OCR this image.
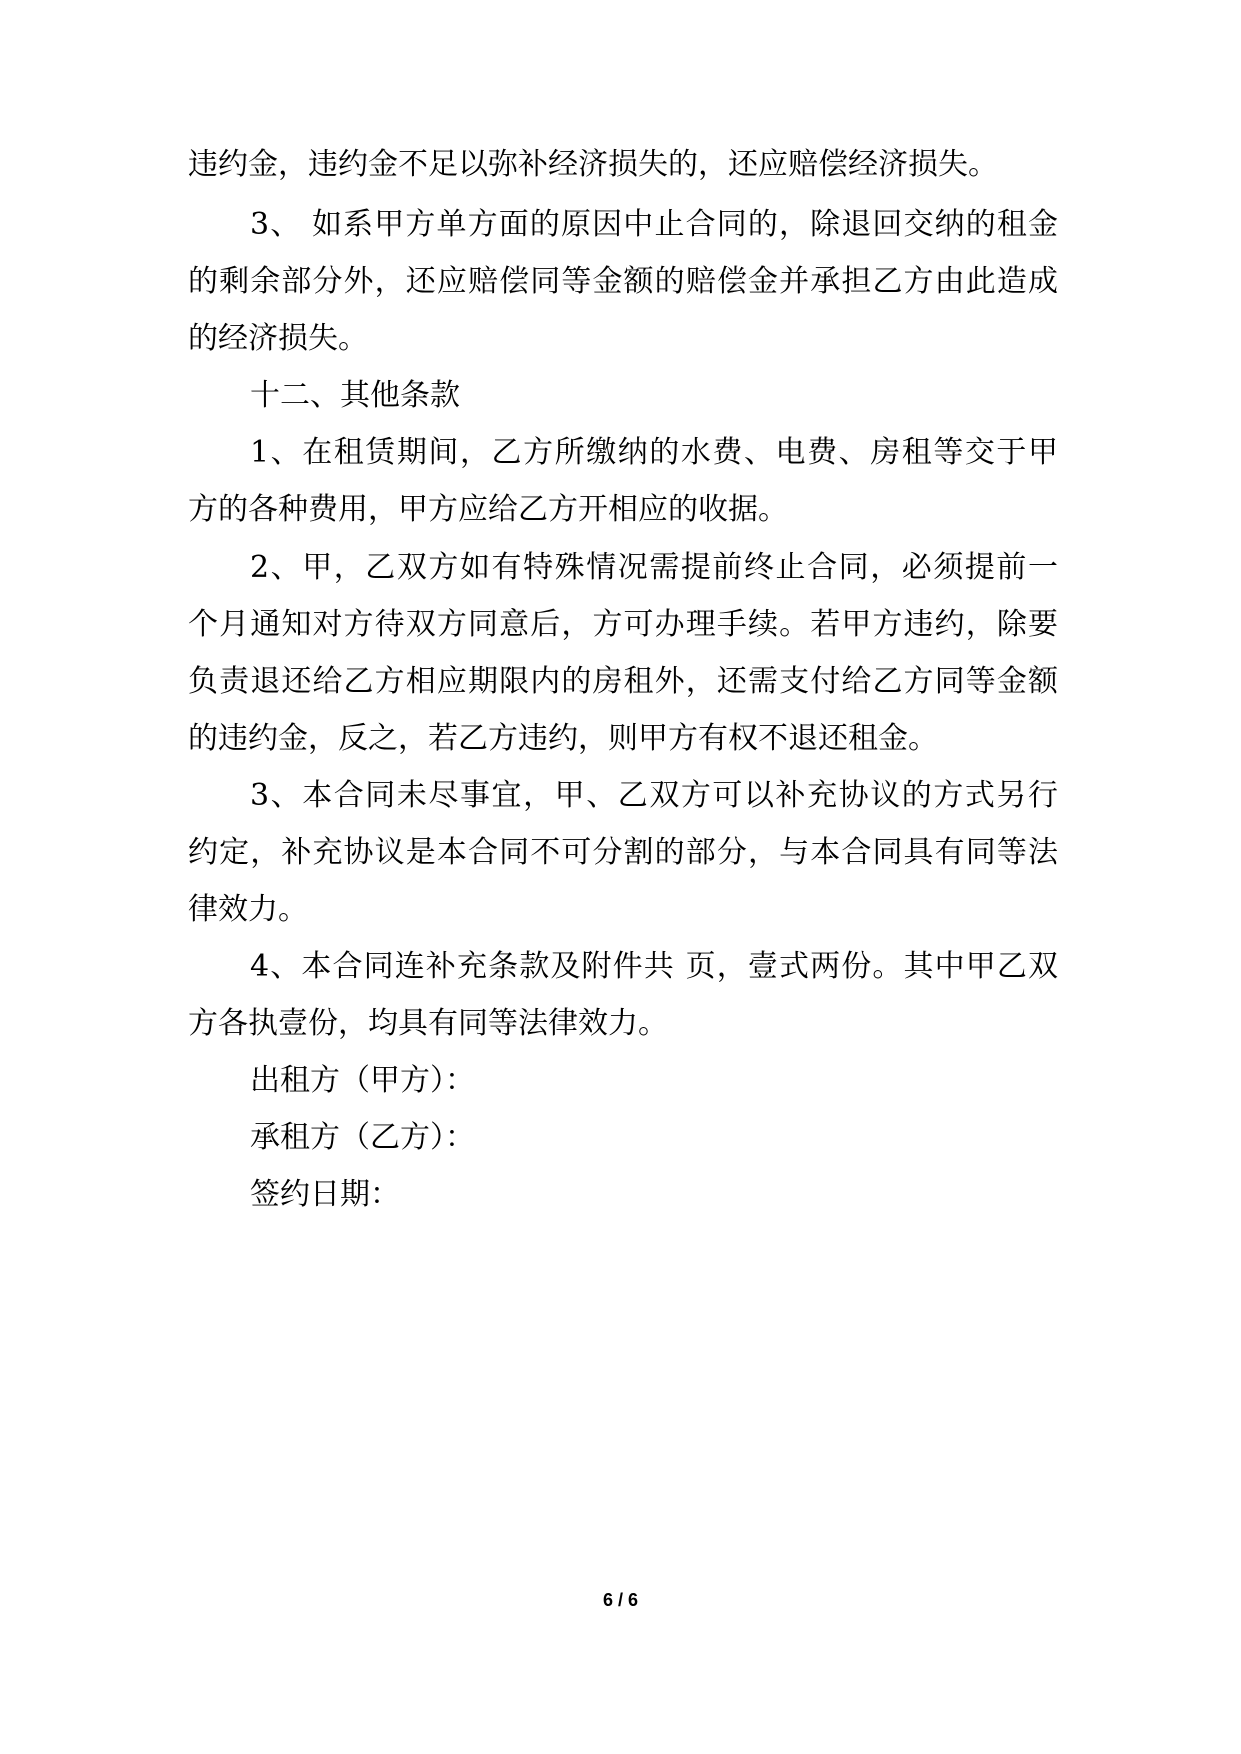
违约金，违约金不足以弥补经济损失的，还应赔偿经济损失。
3、 如系甲方单方面的原因中止合同的，除退回交纳的租金
的剩余部分外，还应赔偿同等金额的赔偿金并承担乙方由此造成
的经济损失。
十二、其他条款
1、在租赁期间，乙方所缴纳的水费、电费、房租等交于甲
方的各种费用，甲方应给乙方开相应的收据。
2、甲，乙双方如有特殊情况需提前终止合同，必须提前一
个月通知对方待双方同意后，方可办理手续。若甲方违约，除要
负责退还给乙方相应期限内的房租外，还需支付给乙方同等金额
的违约金，反之，若乙方违约，则甲方有权不退还租金。
3、本合同未尽事宜，甲、乙双方可以补充协议的方式另行
约定，补充协议是本合同不可分割的部分，与本合同具有同等法
律效力。
4、本合同连补充条款及附件共 页，壹式两份。其中甲乙双
方各执壹份，均具有同等法律效力。
出租方（甲方）：
承租方（乙方）：
签约日期：
6 / 6
